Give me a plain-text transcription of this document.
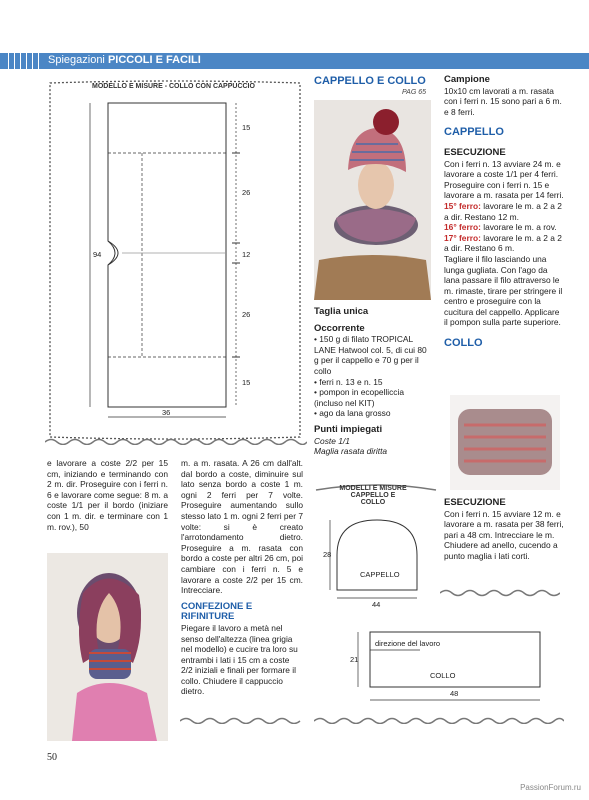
Spiegazioni PICCOLI E FACILI
MODELLO E MISURE - COLLO CON CAPPUCCIO
15
26
12
26
15
94
36
e lavorare a coste 2/2 per 15 cm, iniziando e terminando con 2 m. dir. Proseguire con i ferri n. 6 e lavorare come segue: 8 m. a coste 1/1 per il bordo (iniziare con 1 m. dir. e terminare con 1 m. rov.), 50

m. a m. rasata. A 26 cm dall'alt. dal bordo a coste, diminuire sul lato senza bordo a coste 1 m. ogni 2 ferri per 7 volte. Proseguire aumentando sullo stesso lato 1 m. ogni 2 ferri per 7 volte: si è creato l'arrotondamento dietro. Proseguire a m. rasata con bordo a coste per altri 26 cm, poi cambiare con i ferri n. 5 e lavorare a coste 2/2 per 15 cm. Intrecciare.

CONFEZIONE E RIFINITURE

Piegare il lavoro a metà nel senso dell'altezza (linea grigia nel modello) e cucire tra loro su entrambi i lati i 15 cm a coste 2/2 iniziali e finali per formare il collo. Chiudere il cappuccio dietro.

CAPPELLO E COLLO
PAG 65

Taglia unica

Occorrente

• 150 g di filato TROPICAL LANE Hatwool col. 5, di cui 80 g per il cappello e 70 g per il collo

• ferri n. 13 e n. 15

• pompon in ecopelliccia (incluso nel KIT)

• ago da lana grosso

Punti impiegati

Coste 1/1

Maglia rasata diritta

MODELLI E MISURE CAPPELLO E COLLO
28
CAPPELLO
44
21
direzione del lavoro
COLLO
48

Campione

10x10 cm lavorati a m. rasata con i ferri n. 15 sono pari a 6 m. e 8 ferri.

CAPPELLO

ESECUZIONE

Con i ferri n. 13 avviare 24 m. e lavorare a coste 1/1 per 4 ferri. Proseguire con i ferri n. 15 e lavorare a m. rasata per 14 ferri.

15° ferro: lavorare le m. a 2 a 2 a dir. Restano 12 m.

16° ferro: lavorare le m. a rov.

17° ferro: lavorare le m. a 2 a 2 a dir. Restano 6 m.

Tagliare il filo lasciando una lunga gugliata. Con l'ago da lana passare il filo attraverso le m. rimaste, tirare per stringere il centro e proseguire con la cucitura del cappello. Applicare il pompon sulla parte superiore.

COLLO

ESECUZIONE

Con i ferri n. 15 avviare 12 m. e lavorare a m. rasata per 38 ferri, pari a 48 cm. Intrecciare le m. Chiudere ad anello, cucendo a punto maglia i lati corti.

50
PassionForum.ru
